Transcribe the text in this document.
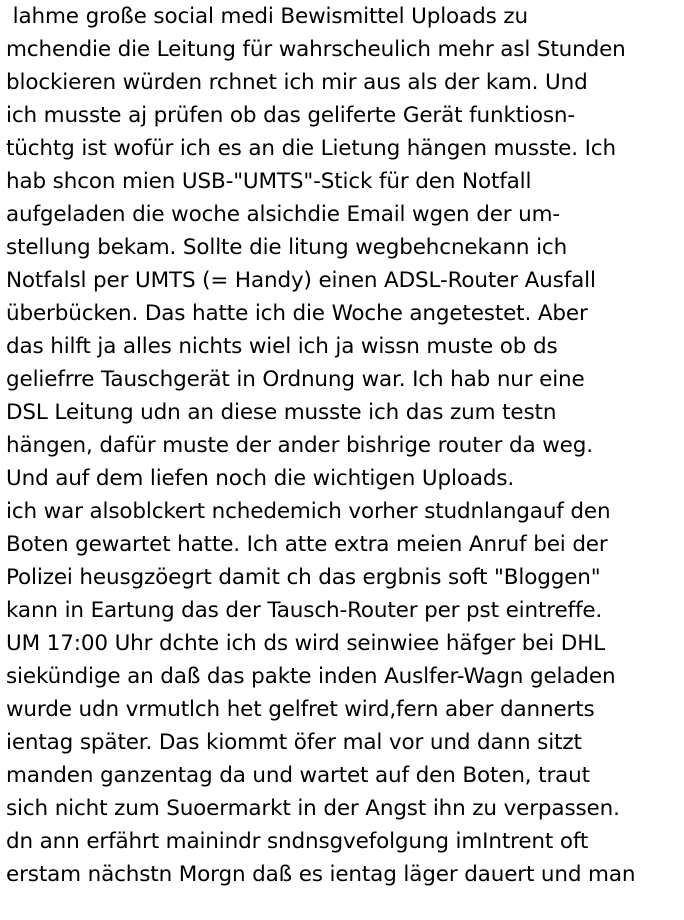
lahme große social medi Bewismittel Uploads zu
mchendie die Leitung für wahrscheulich mehr asl Stunden
blockieren würden rchnet ich mir aus als der kam. Und
ich musste aj prüfen ob das geliferte Gerät funktiosn-
tüchtg ist wofür ich es an die Lietung hängen musste. Ich
hab shcon mien USB-"UMTS"-Stick für den Notfall
aufgeladen die woche alsichdie Email wgen der um-
stellung bekam. Sollte die litung wegbehcnekann ich
Notfalsl per UMTS (= Handy) einen ADSL-Router Ausfall
überbücken. Das hatte ich die Woche angetestet. Aber
das hilft ja alles nichts wiel ich ja wissn muste ob ds
geliefrre Tauschgerät in Ordnung war. Ich hab nur eine
DSL Leitung udn an diese musste ich das zum testn
hängen, dafür muste der ander bishrige router da weg.
Und auf dem liefen noch die wichtigen Uploads.
ich war alsoblckert nchedemich vorher studnlangauf den
Boten gewartet hatte. Ich atte extra meien Anruf bei der
Polizei heusgzöegrt damit ch das ergbnis soft "Bloggen"
kann in Eartung das der Tausch-Router per pst eintreffe.
UM 17:00 Uhr dchte ich ds wird seinwiee häfger bei DHL
siekündige an daß das pakte inden Auslfer-Wagn geladen
wurde udn vrmutlch het gelfret wird,fern aber dannerts
ientag später. Das kiommt öfer mal vor und dann sitzt
manden ganzentag da und wartet auf den Boten, traut
sich nicht zum Suoermarkt in der Angst ihn zu verpassen.
dn ann erfährt mainindr sndnsgvefolgung imIntrent oft
erstam nächstn Morgn daß es ientag läger dauert und man
